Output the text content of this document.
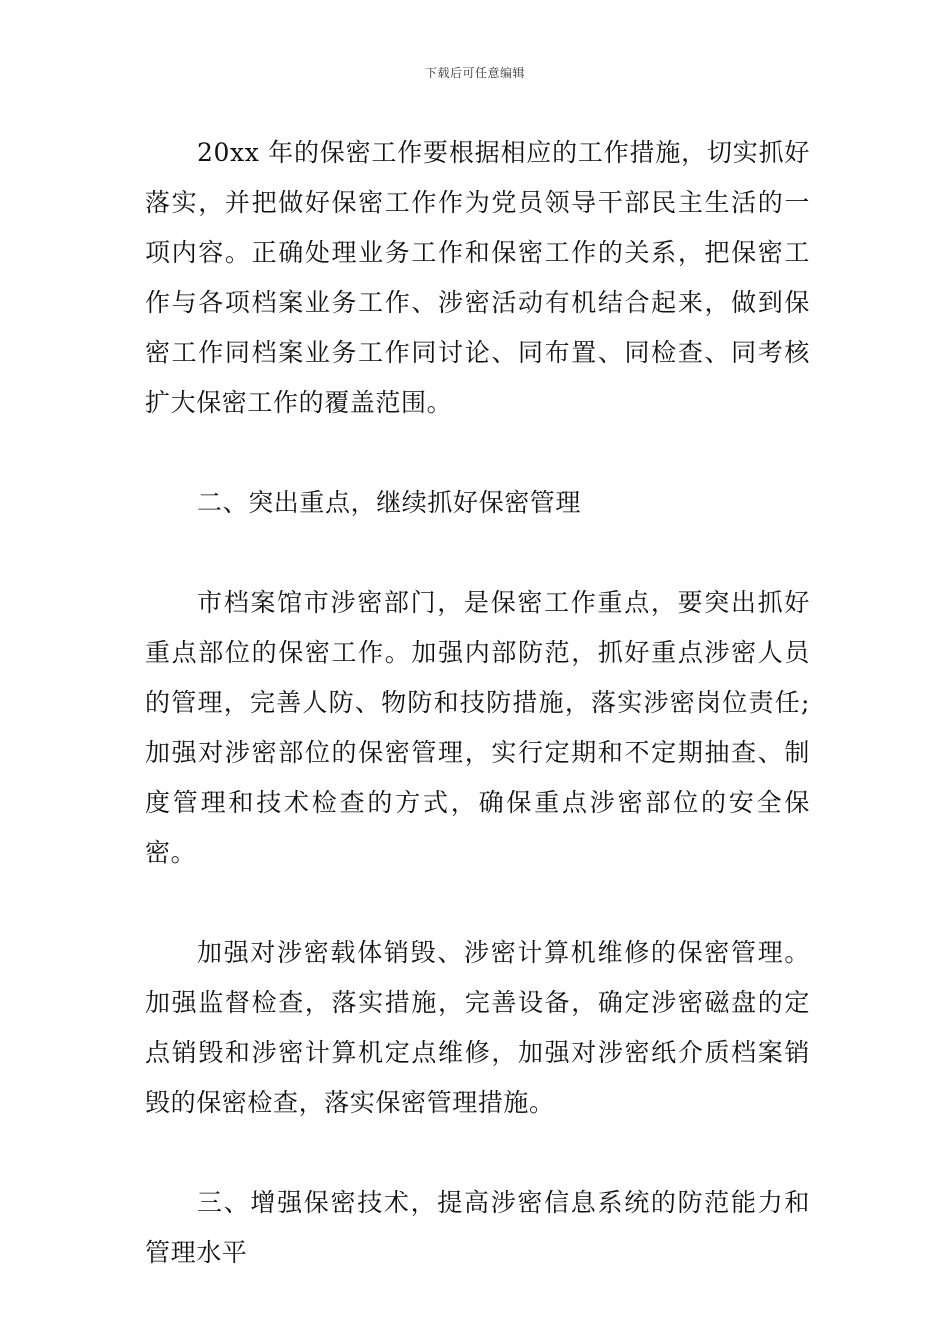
下载后可任意编辑

20xx 年的保密工作要根据相应的工作措施，切实抓好落实，并把做好保密工作作为党员领导干部民主生活的一项内容。正确处理业务工作和保密工作的关系，把保密工作与各项档案业务工作、涉密活动有机结合起来，做到保密工作同档案业务工作同讨论、同布置、同检查、同考核扩大保密工作的覆盖范围。

二、突出重点，继续抓好保密管理

市档案馆市涉密部门，是保密工作重点，要突出抓好重点部位的保密工作。加强内部防范，抓好重点涉密人员的管理，完善人防、物防和技防措施，落实涉密岗位责任;加强对涉密部位的保密管理，实行定期和不定期抽查、制度管理和技术检查的方式，确保重点涉密部位的安全保密。

加强对涉密载体销毁、涉密计算机维修的保密管理。加强监督检查，落实措施，完善设备，确定涉密磁盘的定点销毁和涉密计算机定点维修，加强对涉密纸介质档案销毁的保密检查，落实保密管理措施。

三、增强保密技术，提高涉密信息系统的防范能力和管理水平
